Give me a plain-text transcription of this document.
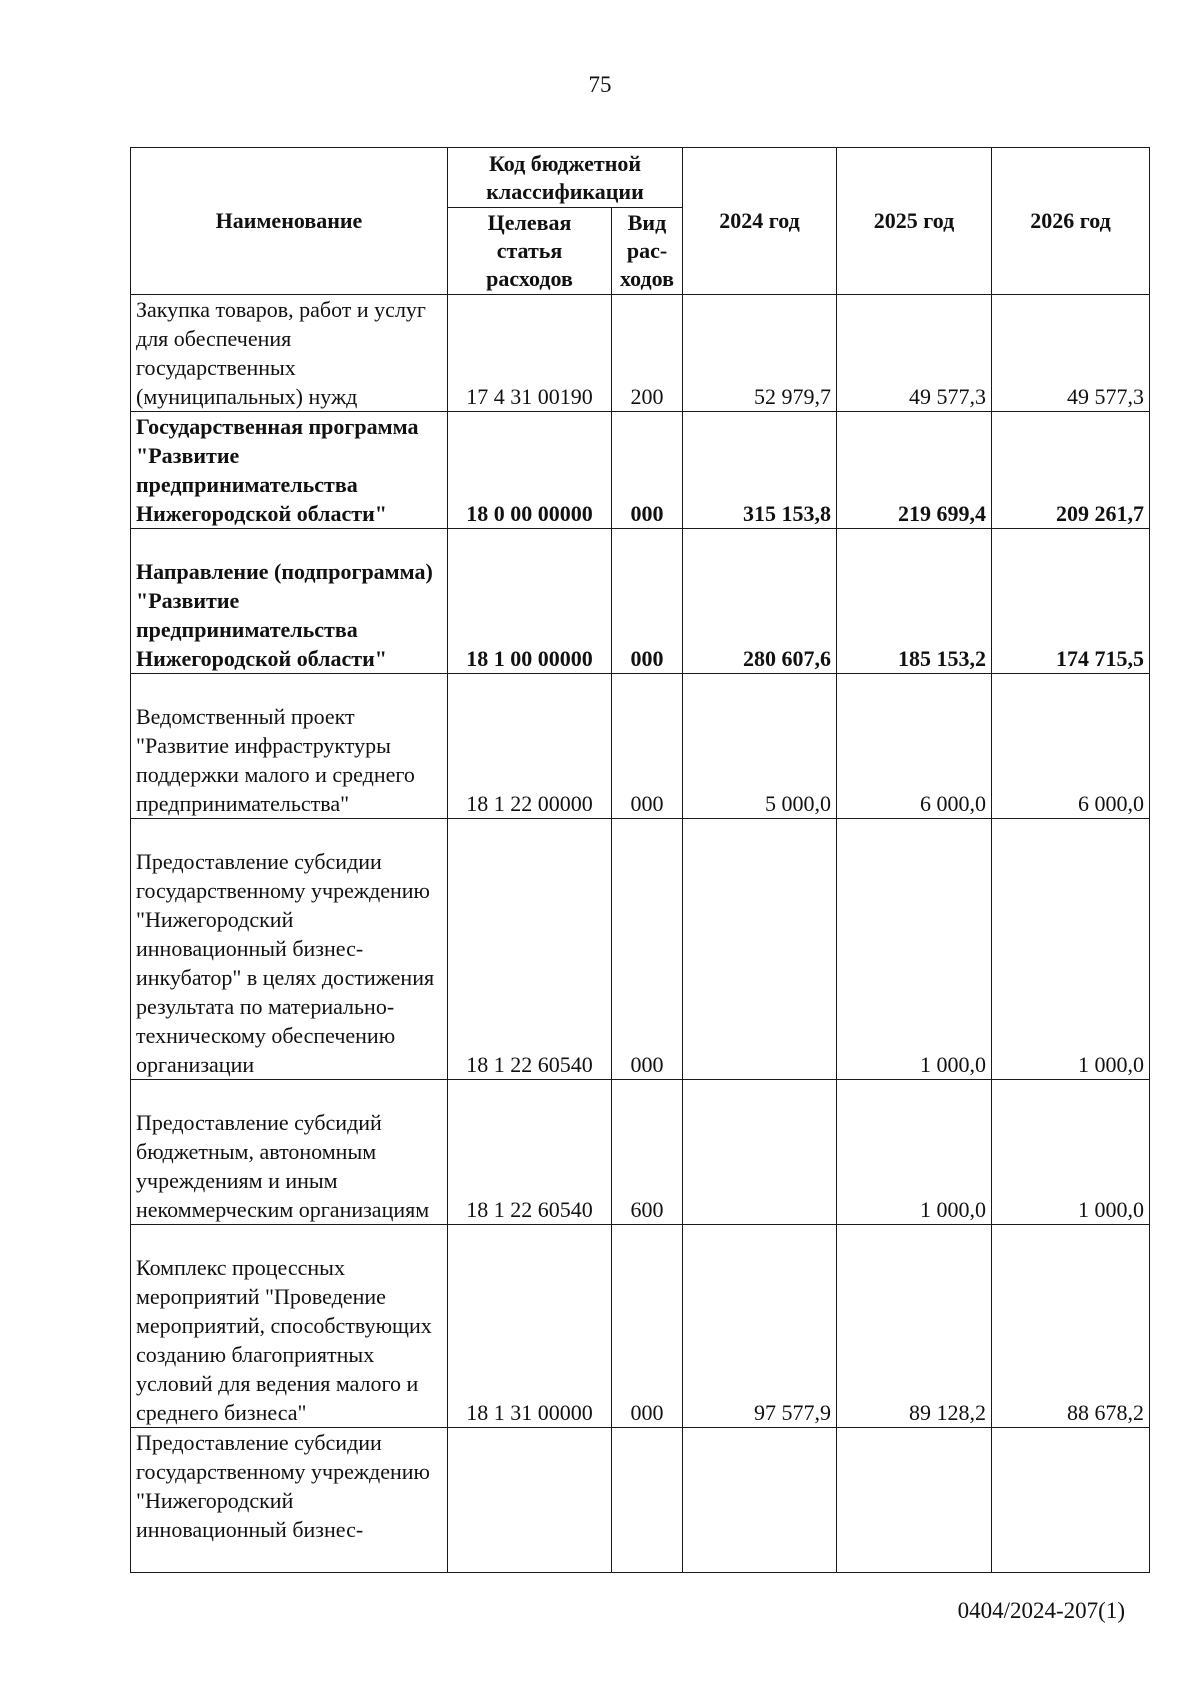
75
Наименование	Код бюджетной классификации		2024 год	2025 год	2026 год
	Целевая статья расходов	Вид рас-ходов			
Закупка товаров, работ и услуг для обеспечения государственных (муниципальных) нужд	17 4 31 00190	200	52 979,7	49 577,3	49 577,3
Государственная программа "Развитие предпринимательства Нижегородской области"	18 0 00 00000	000	315 153,8	219 699,4	209 261,7
Направление (подпрограмма) "Развитие предпринимательства Нижегородской области"	18 1 00 00000	000	280 607,6	185 153,2	174 715,5
Ведомственный проект "Развитие инфраструктуры поддержки малого и среднего предпринимательства"	18 1 22 00000	000	5 000,0	6 000,0	6 000,0
Предоставление субсидии государственному учреждению "Нижегородский инновационный бизнес-инкубатор" в целях достижения результата по материально-техническому обеспечению организации	18 1 22 60540	000		1 000,0	1 000,0
Предоставление субсидий бюджетным, автономным учреждениям и иным некоммерческим организациям	18 1 22 60540	600		1 000,0	1 000,0
Комплекс процессных мероприятий "Проведение мероприятий, способствующих созданию благоприятных условий для ведения малого и среднего бизнеса"	18 1 31 00000	000	97 577,9	89 128,2	88 678,2
Предоставление субсидии государственному учреждению "Нижегородский инновационный бизнес-					
0404/2024-207(1)
